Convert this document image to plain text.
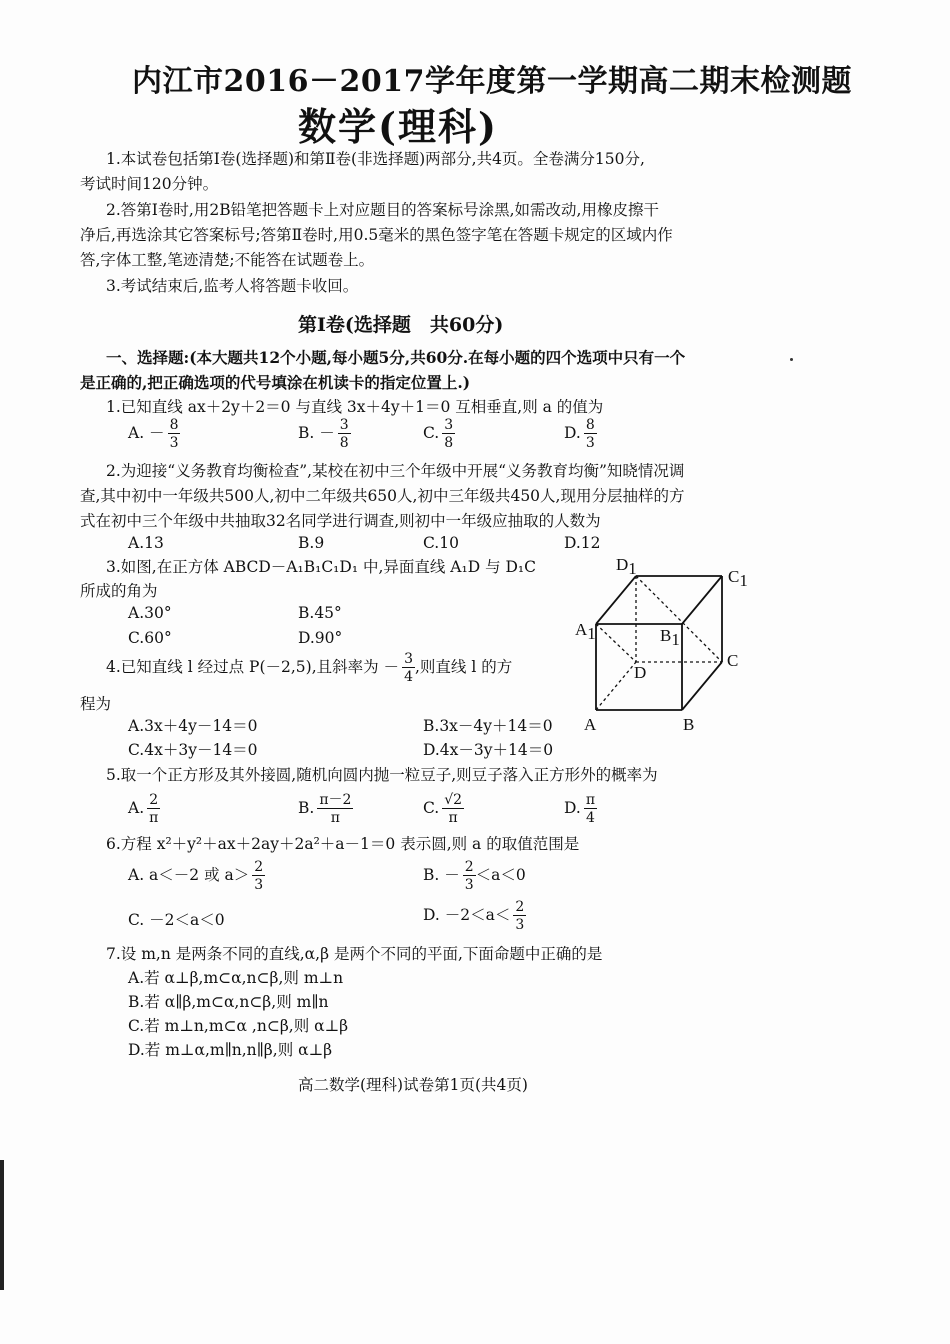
内江市2016－2017学年度第一学期高二期末检测题
数学(理科)
1.本试卷包括第Ⅰ卷(选择题)和第Ⅱ卷(非选择题)两部分,共4页。全卷满分150分,
考试时间120分钟。
2.答第Ⅰ卷时,用2B铅笔把答题卡上对应题目的答案标号涂黑,如需改动,用橡皮擦干
净后,再选涂其它答案标号;答第Ⅱ卷时,用0.5毫米的黑色签字笔在答题卡规定的区域内作
答,字体工整,笔迹清楚;不能答在试题卷上。
3.考试结束后,监考人将答题卡收回。
第Ⅰ卷(选择题　共60分)
一、选择题:(本大题共12个小题,每小题5分,共60分.在每小题的四个选项中只有一个
是正确的,把正确选项的代号填涂在机读卡的指定位置上.)
1.已知直线 ax＋2y＋2＝0 与直线 3x＋4y＋1＝0 互相垂直,则 a 的值为
A. － $\frac{8}{3}$	B. － $\frac{3}{8}$	C. $\frac{3}{8}$	D. $\frac{8}{3}$
2.为迎接“义务教育均衡检查”,某校在初中三个年级中开展“义务教育均衡”知晓情况调
查,其中初中一年级共500人,初中二年级共650人,初中三年级共450人,现用分层抽样的方
式在初中三个年级中共抽取32名同学进行调查,则初中一年级应抽取的人数为
A.13	B.9	C.10	D.12
3.如图,在正方体 ABCD－A₁B₁C₁D₁ 中,异面直线 A₁D 与 D₁C
所成的角为
A.30°	B.45°
C.60°	D.90°
D1	C1
A1	B1
C
D
A	B
4.已知直线 l 经过点 P(－2,5),且斜率为 － $\frac{3}{4}$ ,则直线 l 的方
程为
A.3x＋4y－14＝0	B.3x－4y＋14＝0
C.4x＋3y－14＝0	D.4x－3y＋14＝0
5.取一个正方形及其外接圆,随机向圆内抛一粒豆子,则豆子落入正方形外的概率为
A. $\frac{2}{\pi}$	B. $\frac{\pi-2}{\pi}$	C. $\frac{√2}{\pi}$	D. $\frac{\pi}{4}$
6.方程 x²＋y²＋ax＋2ay＋2a²＋a－1＝0 表示圆,则 a 的取值范围是
A. a＜－2 或 $a> \frac{2}{3}$	B. － $\frac{2}{3} <a<0$
C. －2＜a＜0	D. $-2<a< \frac{2}{3}$
7.设 m,n 是两条不同的直线,α,β 是两个不同的平面,下面命题中正确的是
A.若 α⊥β,m⊂α,n⊂β,则 m⊥n
B.若 α∥β,m⊂α,n⊂β,则 m∥n
C.若 m⊥n,m⊂α ,n⊂β,则 α⊥β
D.若 m⊥α,m∥n,n∥β,则 α⊥β
高二数学(理科)试卷第1页(共4页)
